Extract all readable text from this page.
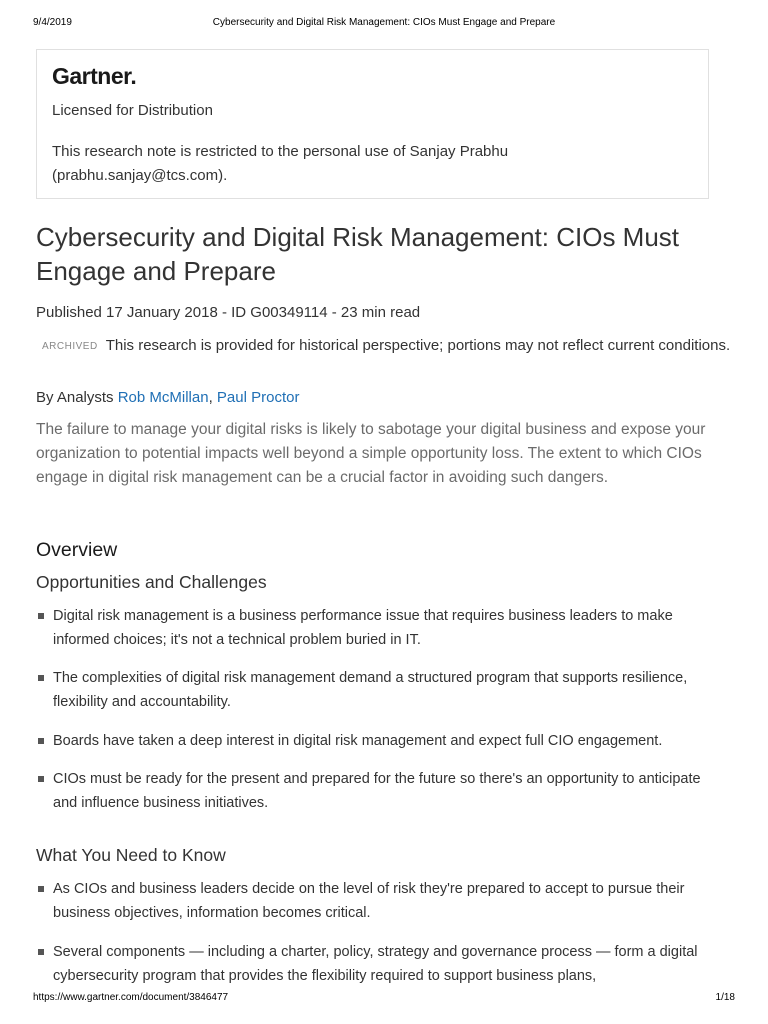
9/4/2019	Cybersecurity and Digital Risk Management: CIOs Must Engage and Prepare
Gartner.
Licensed for Distribution
This research note is restricted to the personal use of Sanjay Prabhu (prabhu.sanjay@tcs.com).
Cybersecurity and Digital Risk Management: CIOs Must Engage and Prepare
Published 17 January 2018 - ID G00349114 - 23 min read
ARCHIVED This research is provided for historical perspective; portions may not reflect current conditions.
By Analysts Rob McMillan, Paul Proctor
The failure to manage your digital risks is likely to sabotage your digital business and expose your organization to potential impacts well beyond a simple opportunity loss. The extent to which CIOs engage in digital risk management can be a crucial factor in avoiding such dangers.
Overview
Opportunities and Challenges
Digital risk management is a business performance issue that requires business leaders to make informed choices; it's not a technical problem buried in IT.
The complexities of digital risk management demand a structured program that supports resilience, flexibility and accountability.
Boards have taken a deep interest in digital risk management and expect full CIO engagement.
CIOs must be ready for the present and prepared for the future so there's an opportunity to anticipate and influence business initiatives.
What You Need to Know
As CIOs and business leaders decide on the level of risk they're prepared to accept to pursue their business objectives, information becomes critical.
Several components — including a charter, policy, strategy and governance process — form a digital cybersecurity program that provides the flexibility required to support business plans,
https://www.gartner.com/document/3846477	1/18
